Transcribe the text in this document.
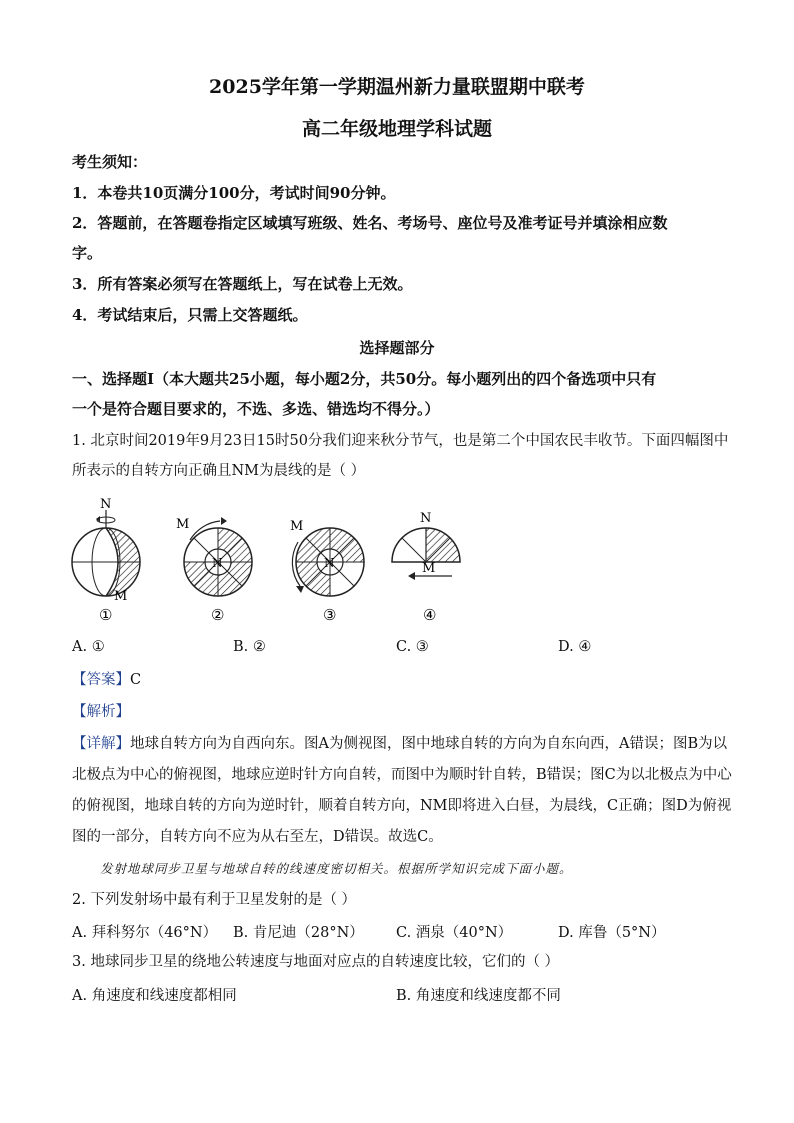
2025学年第一学期温州新力量联盟期中联考
高二年级地理学科试题
考生须知：
1．本卷共10页满分100分，考试时间90分钟。
2．答题前，在答题卷指定区域填写班级、姓名、考场号、座位号及准考证号并填涂相应数
字。
3．所有答案必须写在答题纸上，写在试卷上无效。
4．考试结束后，只需上交答题纸。
选择题部分
一、选择题Ⅰ（本大题共25小题，每小题2分，共50分。每小题列出的四个备选项中只有
一个是符合题目要求的，不选、多选、错选均不得分。）
1. 北京时间2019年9月23日15时50分我们迎来秋分节气，也是第二个中国农民丰收节。下面四幅图中
所表示的自转方向正确且NM为晨线的是（ ）
N
M
N
M
N
M
N
M
①	②	③	④
A. ①	B. ②	C. ③	D. ④
【答案】C
【解析】
【详解】地球自转方向为自西向东。图A为侧视图，图中地球自转的方向为自东向西，A错误；图B为以
北极点为中心的俯视图，地球应逆时针方向自转，而图中为顺时针自转，B错误；图C为以北极点为中心
的俯视图，地球自转的方向为逆时针，顺着自转方向，NM即将进入白昼，为晨线，C正确；图D为俯视
图的一部分，自转方向不应为从右至左，D错误。故选C。
发射地球同步卫星与地球自转的线速度密切相关。根据所学知识完成下面小题。
2. 下列发射场中最有利于卫星发射的是（ ）
A. 拜科努尔（46°N） B. 肯尼迪（28°N） C. 酒泉（40°N）	D. 库鲁（5°N）
3. 地球同步卫星的绕地公转速度与地面对应点的自转速度比较，它们的（ ）
A. 角速度和线速度都相同	B. 角速度和线速度都不同
